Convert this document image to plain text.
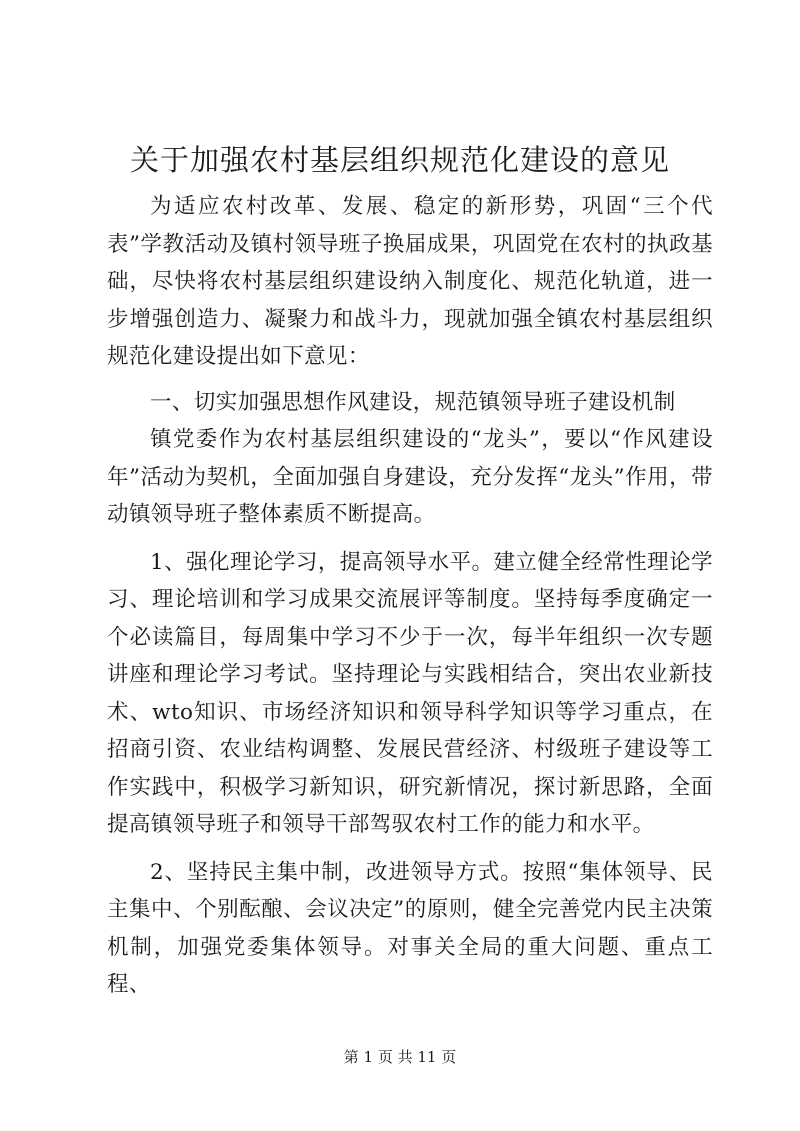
关于加强农村基层组织规范化建设的意见

为适应农村改革、发展、稳定的新形势，巩固“三个代表”学教活动及镇村领导班子换届成果，巩固党在农村的执政基础，尽快将农村基层组织建设纳入制度化、规范化轨道，进一步增强创造力、凝聚力和战斗力，现就加强全镇农村基层组织规范化建设提出如下意见：

一、切实加强思想作风建设，规范镇领导班子建设机制

镇党委作为农村基层组织建设的“龙头”，要以“作风建设年”活动为契机，全面加强自身建设，充分发挥“龙头”作用，带动镇领导班子整体素质不断提高。

1、强化理论学习，提高领导水平。建立健全经常性理论学习、理论培训和学习成果交流展评等制度。坚持每季度确定一个必读篇目，每周集中学习不少于一次，每半年组织一次专题讲座和理论学习考试。坚持理论与实践相结合，突出农业新技术、wto知识、市场经济知识和领导科学知识等学习重点，在招商引资、农业结构调整、发展民营经济、村级班子建设等工作实践中，积极学习新知识，研究新情况，探讨新思路，全面提高镇领导班子和领导干部驾驭农村工作的能力和水平。

2、坚持民主集中制，改进领导方式。按照“集体领导、民主集中、个别酝酿、会议决定”的原则，健全完善党内民主决策机制，加强党委集体领导。对事关全局的重大问题、重点工程、

第 1 页 共 11 页
